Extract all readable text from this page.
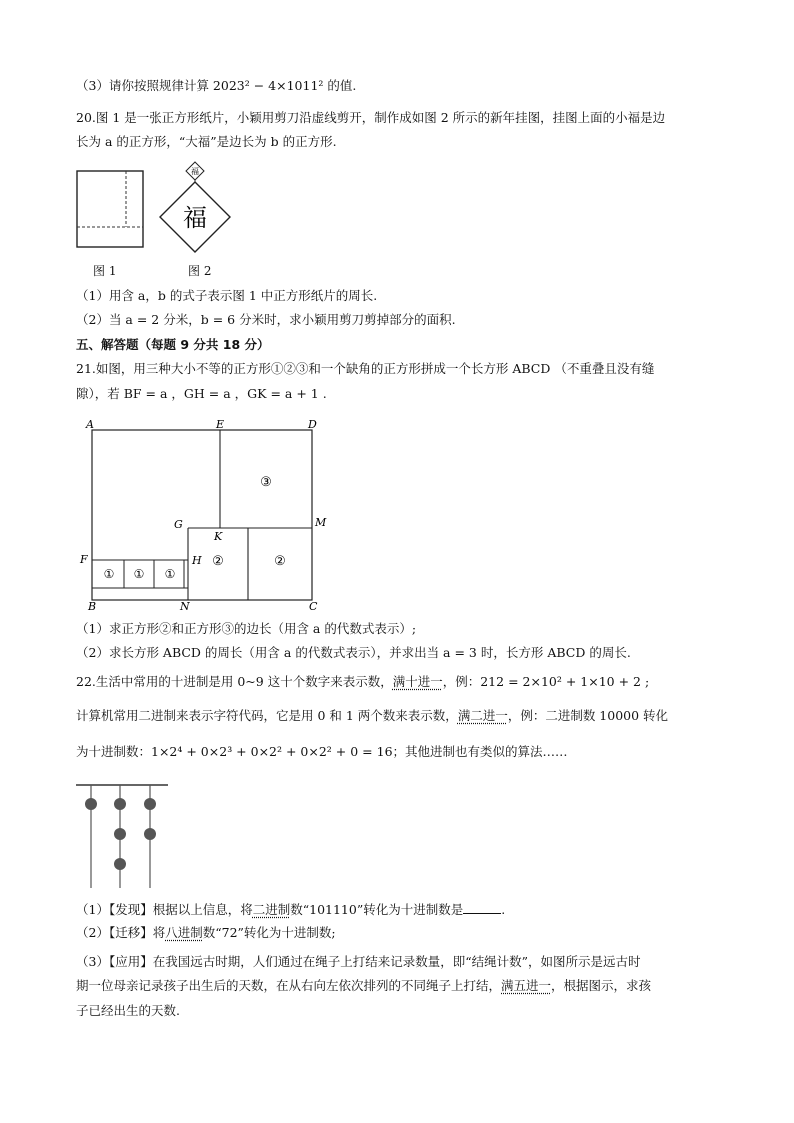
（3）请你按照规律计算 2023² − 4×1011² 的值.
20.图 1 是一张正方形纸片，小颖用剪刀沿虚线剪开，制作成如图 2 所示的新年挂图，挂图上面的小福是边
长为 a 的正方形，“大福”是边长为 b 的正方形.
图 1
福
福
图 2
（1）用含 a，b 的式子表示图 1 中正方形纸片的周长.
（2）当 a = 2 分米，b = 6 分米时，求小颖用剪刀剪掉部分的面积.
五、解答题（每题 9 分共 18 分）
21.如图，用三种大小不等的正方形①②③和一个缺角的正方形拼成一个长方形 ABCD （不重叠且没有缝
隙），若 BF = a ，GH = a ，GK = a + 1 .
① ① ①
②	②
③
A
B	C
D
E
F
G
H
K
M
N
（1）求正方形②和正方形③的边长（用含 a 的代数式表示）;
（2）求长方形 ABCD 的周长（用含 a 的代数式表示），并求出当 a = 3 时，长方形 ABCD 的周长.
22.生活中常用的十进制是用 0~9 这十个数字来表示数，满十进一，例：212 = 2×10² + 1×10 + 2 ;
计算机常用二进制来表示字符代码，它是用 0 和 1 两个数来表示数，满二进一，例：二进制数 10000 转化
为十进制数：1×2⁴ + 0×2³ + 0×2² + 0×2² + 0 = 16；其他进制也有类似的算法……
（1）【发现】根据以上信息，将二进制数“101110”转化为十进制数是	.
（2）【迁移】将八进制数“72”转化为十进制数;
（3）【应用】在我国远古时期，人们通过在绳子上打结来记录数量，即“结绳计数”，如图所示是远古时
期一位母亲记录孩子出生后的天数，在从右向左依次排列的不同绳子上打结，满五进一，根据图示，求孩
子已经出生的天数.
